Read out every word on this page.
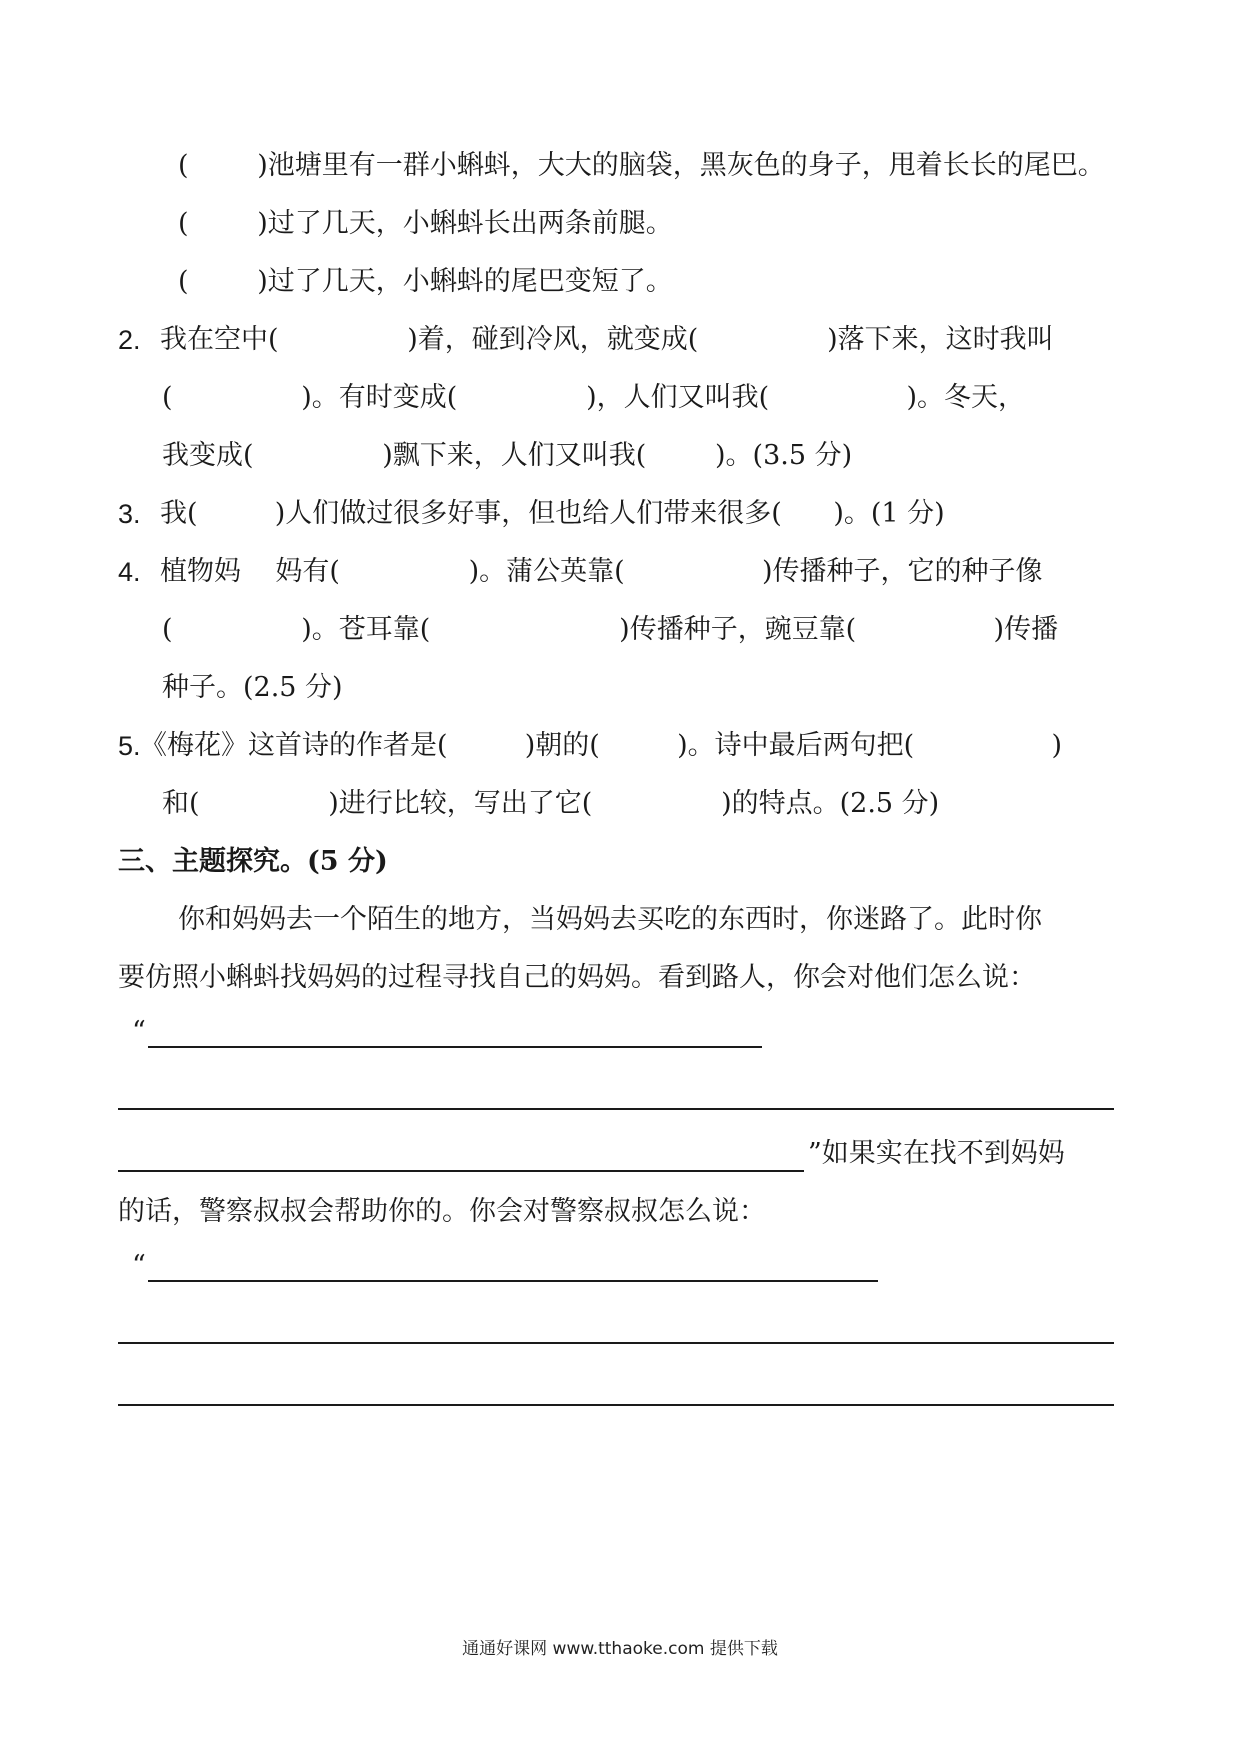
(        )池塘里有一群小蝌蚪，大大的脑袋，黑灰色的身子，甩着长长的尾巴。
(        )过了几天，小蝌蚪长出两条前腿。
(        )过了几天，小蝌蚪的尾巴变短了。
2. 我在空中(               )着，碰到冷风，就变成(               )落下来，这时我叫
(               )。有时变成(               )，人们又叫我(                )。冬天，
我变成(               )飘下来，人们又叫我(        )。(3.5 分)
3. 我(         )人们做过很多好事，但也给人们带来很多(      )。(1 分)
4. 植物妈    妈有(               )。蒲公英靠(                )传播种子，它的种子像
(               )。苍耳靠(                      )传播种子，豌豆靠(                )传播
种子。(2.5 分)
5. 《梅花》这首诗的作者是(         )朝的(         )。诗中最后两句把(                )
和(               )进行比较，写出了它(               )的特点。(2.5 分)
三、主题探究。(5 分)
你和妈妈去一个陌生的地方，当妈妈去买吃的东西时，你迷路了。此时你
要仿照小蝌蚪找妈妈的过程寻找自己的妈妈。看到路人，你会对他们怎么说：
“
”如果实在找不到妈妈
的话，警察叔叔会帮助你的。你会对警察叔叔怎么说：
“
通通好课网 www.tthaoke.com 提供下载
